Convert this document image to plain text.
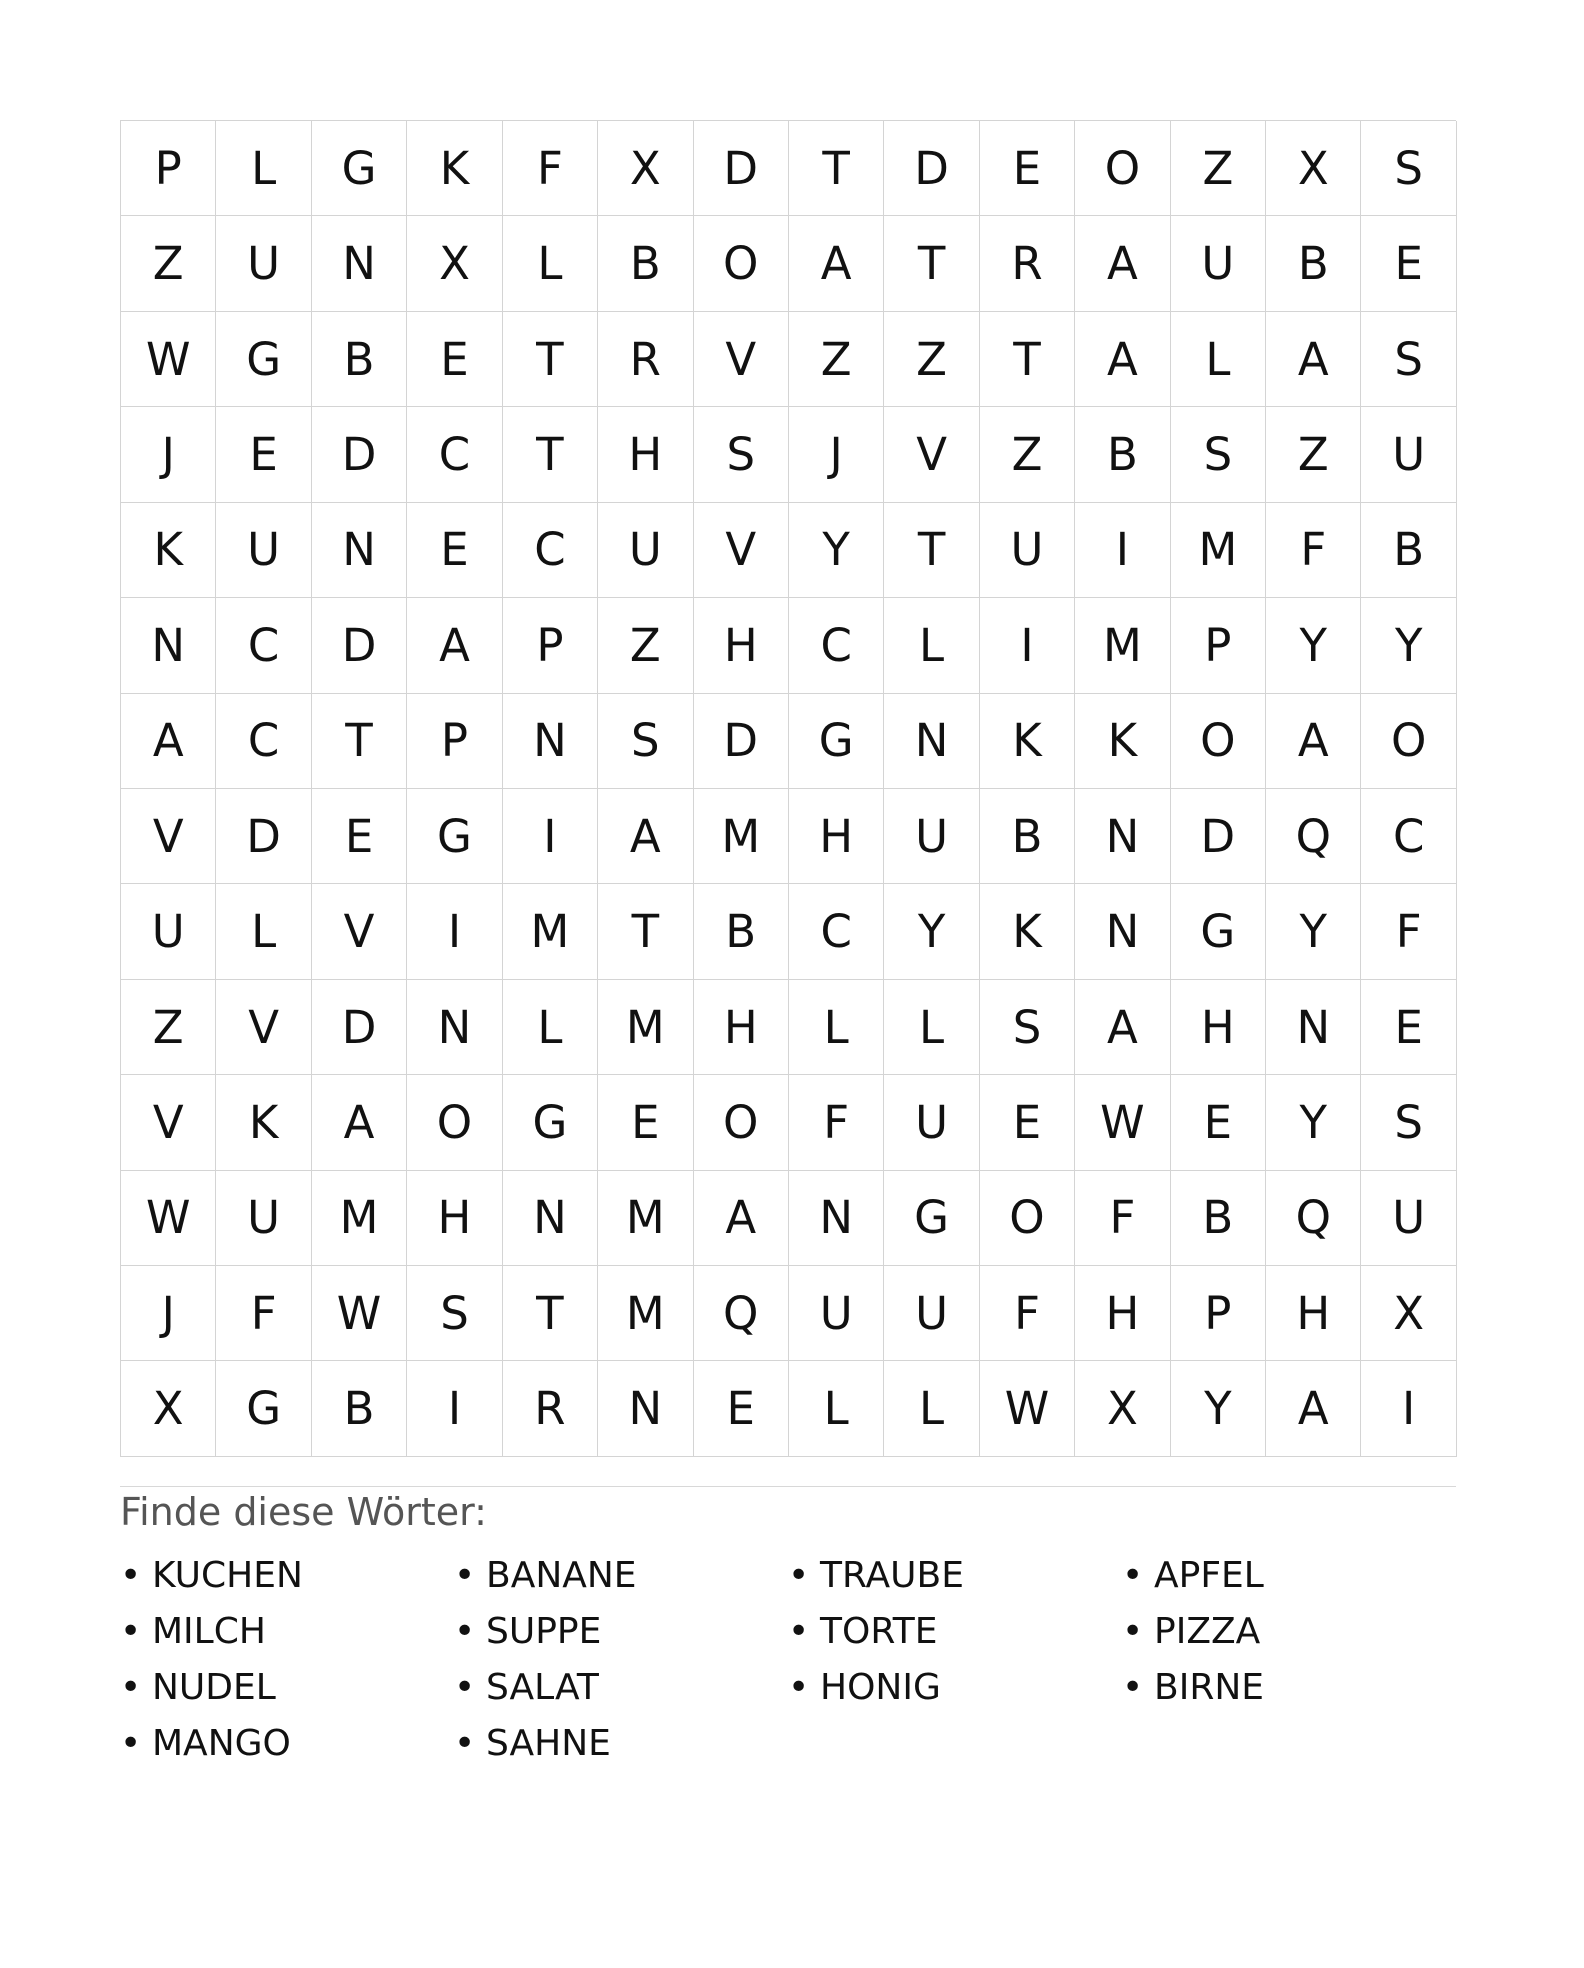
P	L	G	K	F	X	D	T	D	E	O	Z	X	S
Z	U	N	X	L	B	O	A	T	R	A	U	B	E
W	G	B	E	T	R	V	Z	Z	T	A	L	A	S
J	E	D	C	T	H	S	J	V	Z	B	S	Z	U
K	U	N	E	C	U	V	Y	T	U	I	M	F	B
N	C	D	A	P	Z	H	C	L	I	M	P	Y	Y
A	C	T	P	N	S	D	G	N	K	K	O	A	O
V	D	E	G	I	A	M	H	U	B	N	D	Q	C
U	L	V	I	M	T	B	C	Y	K	N	G	Y	F
Z	V	D	N	L	M	H	L	L	S	A	H	N	E
V	K	A	O	G	E	O	F	U	E	W	E	Y	S
W	U	M	H	N	M	A	N	G	O	F	B	Q	U
J	F	W	S	T	M	Q	U	U	F	H	P	H	X
X	G	B	I	R	N	E	L	L	W	X	Y	A	I
Finde diese Wörter:
• KUCHEN	• BANANE	• TRAUBE	• APFEL
• MILCH	• SUPPE	• TORTE	• PIZZA
• NUDEL	• SALAT	• HONIG	• BIRNE
• MANGO	• SAHNE
